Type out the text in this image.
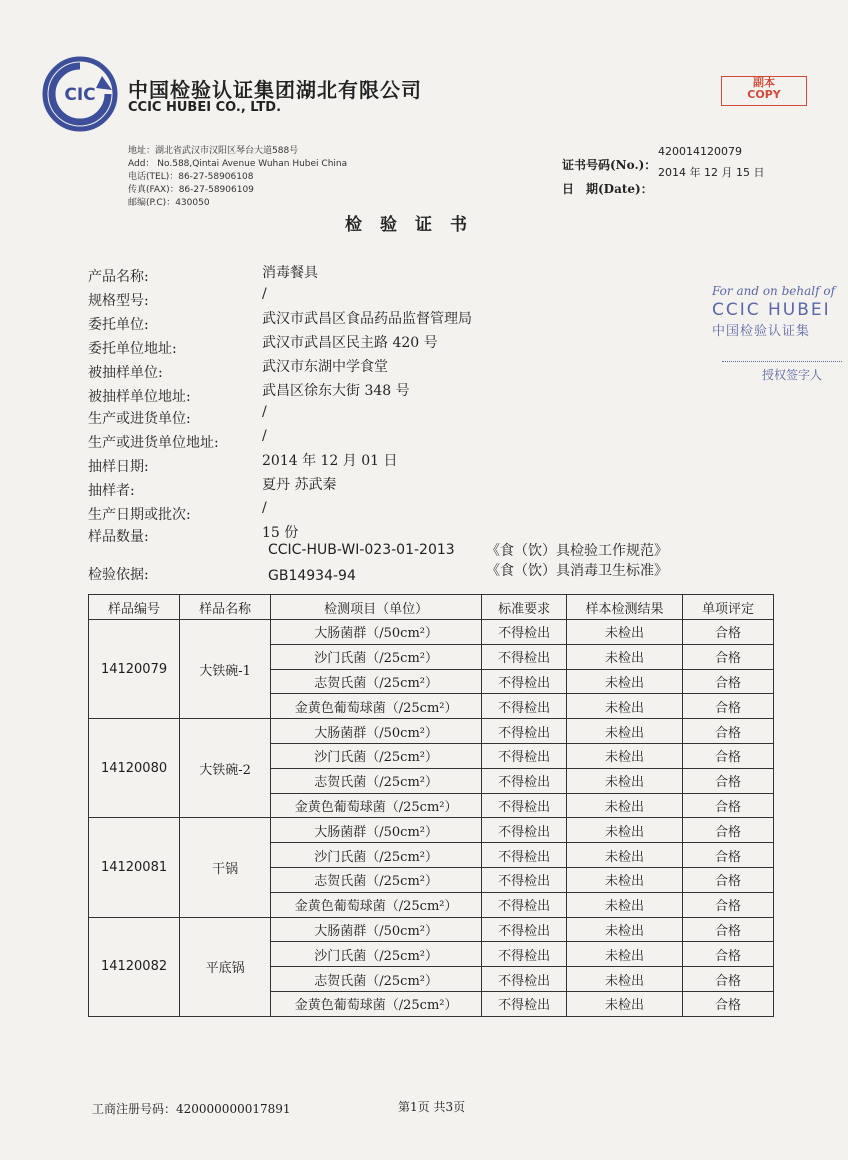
CIC 中国检验认证集团湖北有限公司
CCIC HUBEI CO., LTD.
地址：湖北省武汉市汉阳区琴台大道588号
Add： No.588,Qintai Avenue Wuhan Hubei China
电话(TEL)：86-27-58906108
传真(FAX)：86-27-58906109
邮编(P.C)：430050
副本
COPY
证书号码(No.)：
420014120079
日　期(Date)：
2014 年 12 月 15 日
检验证书
产品名称:	消毒餐具
规格型号:	/
委托单位:	武汉市武昌区食品药品监督管理局
委托单位地址:	武汉市武昌区民主路 420 号
被抽样单位:	武汉市东湖中学食堂
被抽样单位地址:	武昌区徐东大街 348 号
生产或进货单位:	/
生产或进货单位地址:	/
抽样日期:	2014 年 12 月 01 日
抽样者:	夏丹 苏武秦
生产日期或批次:	/
样品数量:	15 份
检验依据:
CCIC-HUB-WI-023-01-2013 《食（饮）具检验工作规范》
GB14934-94	《食（饮）具消毒卫生标准》
For and on behalf of
CCIC HUBEI
中国检验认证集
授权签字人
样品编号	样品名称	检测项目（单位）	标准要求	样本检测结果	单项评定
14120079	大铁碗-1	大肠菌群（/50cm²）	不得检出	未检出	合格
		沙门氏菌（/25cm²）	不得检出	未检出	合格
		志贺氏菌（/25cm²）	不得检出	未检出	合格
		金黄色葡萄球菌（/25cm²）	不得检出	未检出	合格
14120080	大铁碗-2	大肠菌群（/50cm²）	不得检出	未检出	合格
		沙门氏菌（/25cm²）	不得检出	未检出	合格
		志贺氏菌（/25cm²）	不得检出	未检出	合格
		金黄色葡萄球菌（/25cm²）	不得检出	未检出	合格
14120081	干锅	大肠菌群（/50cm²）	不得检出	未检出	合格
		沙门氏菌（/25cm²）	不得检出	未检出	合格
		志贺氏菌（/25cm²）	不得检出	未检出	合格
		金黄色葡萄球菌（/25cm²）	不得检出	未检出	合格
14120082	平底锅	大肠菌群（/50cm²）	不得检出	未检出	合格
		沙门氏菌（/25cm²）	不得检出	未检出	合格
		志贺氏菌（/25cm²）	不得检出	未检出	合格
		金黄色葡萄球菌（/25cm²）	不得检出	未检出	合格
工商注册号码：420000000017891	第1页 共3页
